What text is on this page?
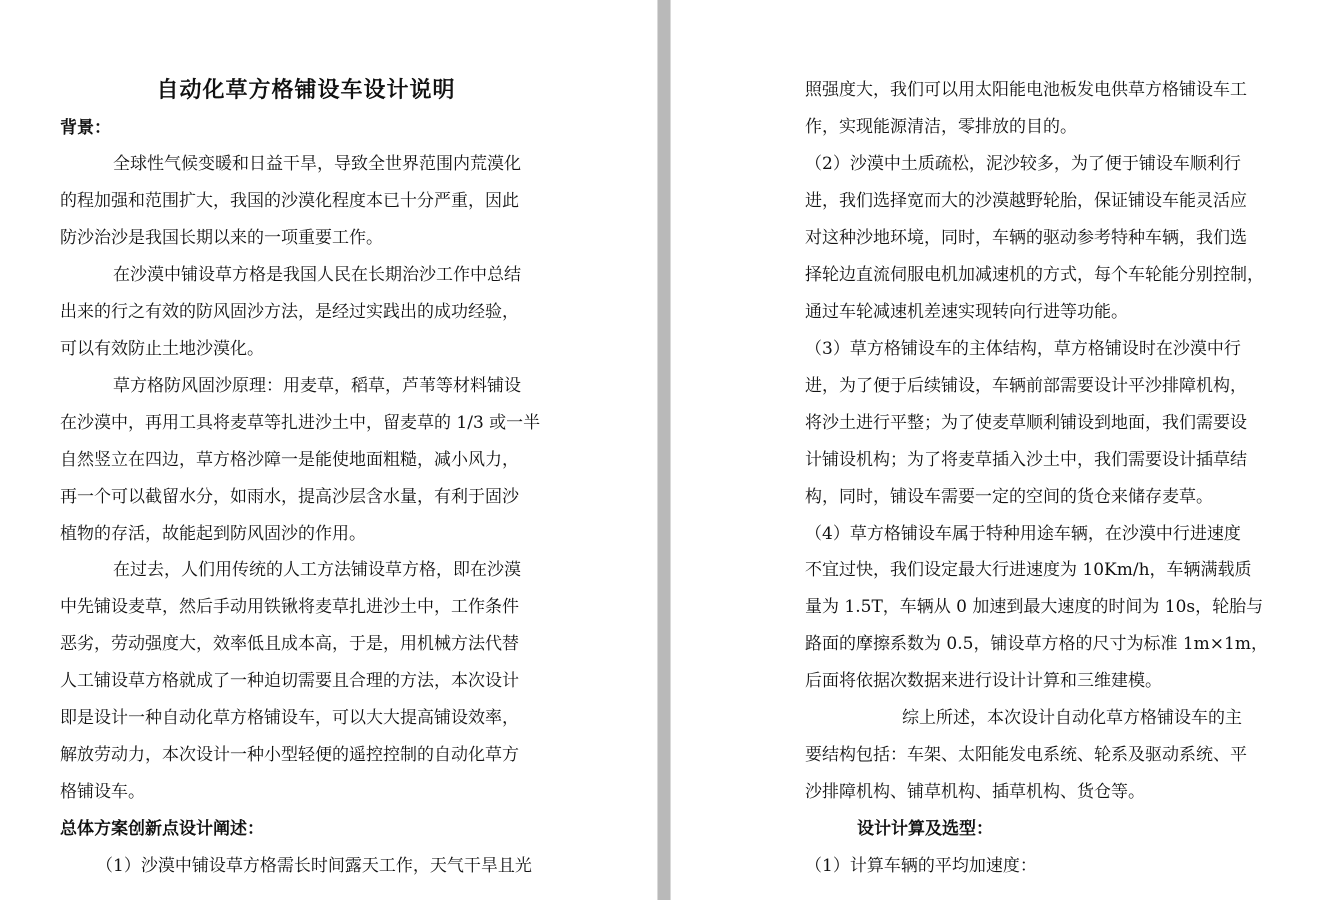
自动化草方格铺设车设计说明
背景：
全球性气候变暖和日益干旱，导致全世界范围内荒漠化
的程加强和范围扩大，我国的沙漠化程度本已十分严重，因此
防沙治沙是我国长期以来的一项重要工作。
在沙漠中铺设草方格是我国人民在长期治沙工作中总结
出来的行之有效的防风固沙方法，是经过实践出的成功经验，
可以有效防止土地沙漠化。
草方格防风固沙原理：用麦草，稻草，芦苇等材料铺设
在沙漠中，再用工具将麦草等扎进沙土中，留麦草的 1/3 或一半
自然竖立在四边，草方格沙障一是能使地面粗糙，减小风力，
再一个可以截留水分，如雨水，提高沙层含水量，有利于固沙
植物的存活，故能起到防风固沙的作用。
在过去，人们用传统的人工方法铺设草方格，即在沙漠
中先铺设麦草，然后手动用铁锹将麦草扎进沙土中，工作条件
恶劣，劳动强度大，效率低且成本高，于是，用机械方法代替
人工铺设草方格就成了一种迫切需要且合理的方法，本次设计
即是设计一种自动化草方格铺设车，可以大大提高铺设效率，
解放劳动力，本次设计一种小型轻便的遥控控制的自动化草方
格铺设车。
总体方案创新点设计阐述：
（1）沙漠中铺设草方格需长时间露天工作，天气干旱且光
照强度大，我们可以用太阳能电池板发电供草方格铺设车工
作，实现能源清洁，零排放的目的。
（2）沙漠中土质疏松，泥沙较多，为了便于铺设车顺利行
进，我们选择宽而大的沙漠越野轮胎，保证铺设车能灵活应
对这种沙地环境，同时，车辆的驱动参考特种车辆，我们选
择轮边直流伺服电机加减速机的方式，每个车轮能分别控制，
通过车轮减速机差速实现转向行进等功能。
（3）草方格铺设车的主体结构，草方格铺设时在沙漠中行
进，为了便于后续铺设，车辆前部需要设计平沙排障机构，
将沙土进行平整；为了使麦草顺利铺设到地面，我们需要设
计铺设机构；为了将麦草插入沙土中，我们需要设计插草结
构，同时，铺设车需要一定的空间的货仓来储存麦草。
（4）草方格铺设车属于特种用途车辆，在沙漠中行进速度
不宜过快，我们设定最大行进速度为 10Km/h，车辆满载质
量为 1.5T，车辆从 0 加速到最大速度的时间为 10s，轮胎与
路面的摩擦系数为 0.5，铺设草方格的尺寸为标准 1m×1m，
后面将依据次数据来进行设计计算和三维建模。
综上所述，本次设计自动化草方格铺设车的主
要结构包括：车架、太阳能发电系统、轮系及驱动系统、平
沙排障机构、铺草机构、插草机构、货仓等。
设计计算及选型：
（1）计算车辆的平均加速度：
